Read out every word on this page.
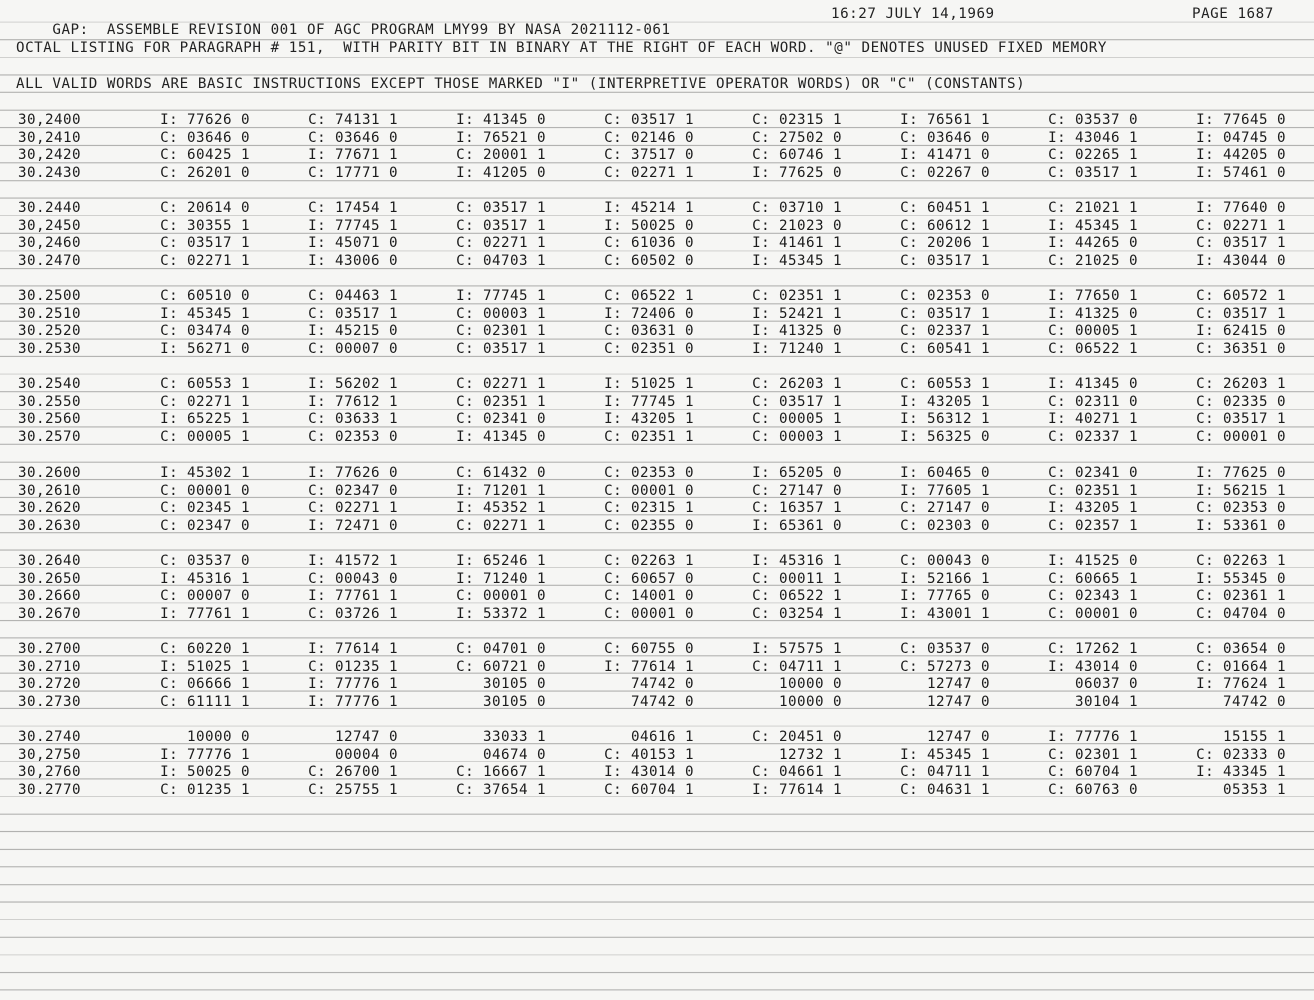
GAP:  ASSEMBLE REVISION 001 OF AGC PROGRAM LMY99 BY NASA 2021112-061

16:27 JULY 14,1969

	PAGE 1687

OCTAL LISTING FOR PARAGRAPH # 151,  WITH PARITY BIT IN BINARY AT THE RIGHT OF EACH WORD. "@" DENOTES UNUSED FIXED MEMORY
ALL VALID WORDS ARE BASIC INSTRUCTIONS EXCEPT THOSE MARKED "I" (INTERPRETIVE OPERATOR WORDS) OR "C" (CONSTANTS)
30,2400	I: 77626 0	C: 74131 1	I: 41345 0	C: 03517 1	C: 02315 1	I: 76561 1	C: 03537 0	I: 77645 0
30,2410	C: 03646 0	C: 03646 0	I: 76521 0	C: 02146 0	C: 27502 0	C: 03646 0	I: 43046 1	I: 04745 0
30,2420	C: 60425 1	I: 77671 1	C: 20001 1	C: 37517 0	C: 60746 1	I: 41471 0	C: 02265 1	I: 44205 0
30.2430	C: 26201 0	C: 17771 0	I: 41205 0	C: 02271 1	I: 77625 0	C: 02267 0	C: 03517 1	I: 57461 0
30.2440	C: 20614 0	C: 17454 1	C: 03517 1	I: 45214 1	C: 03710 1	C: 60451 1	C: 21021 1	I: 77640 0
30,2450	C: 30355 1	I: 77745 1	C: 03517 1	I: 50025 0	C: 21023 0	C: 60612 1	I: 45345 1	C: 02271 1
30,2460	C: 03517 1	I: 45071 0	C: 02271 1	C: 61036 0	I: 41461 1	C: 20206 1	I: 44265 0	C: 03517 1
30.2470	C: 02271 1	I: 43006 0	C: 04703 1	C: 60502 0	I: 45345 1	C: 03517 1	C: 21025 0	I: 43044 0
30.2500	C: 60510 0	C: 04463 1	I: 77745 1	C: 06522 1	C: 02351 1	C: 02353 0	I: 77650 1	C: 60572 1
30.2510	I: 45345 1	C: 03517 1	C: 00003 1	I: 72406 0	I: 52421 1	C: 03517 1	I: 41325 0	C: 03517 1
30.2520	C: 03474 0	I: 45215 0	C: 02301 1	C: 03631 0	I: 41325 0	C: 02337 1	C: 00005 1	I: 62415 0
30.2530	I: 56271 0	C: 00007 0	C: 03517 1	C: 02351 0	I: 71240 1	C: 60541 1	C: 06522 1	C: 36351 0
30.2540	C: 60553 1	I: 56202 1	C: 02271 1	I: 51025 1	C: 26203 1	C: 60553 1	I: 41345 0	C: 26203 1
30.2550	C: 02271 1	I: 77612 1	C: 02351 1	I: 77745 1	C: 03517 1	I: 43205 1	C: 02311 0	C: 02335 0
30.2560	I: 65225 1	C: 03633 1	C: 02341 0	I: 43205 1	C: 00005 1	I: 56312 1	I: 40271 1	C: 03517 1
30.2570	C: 00005 1	C: 02353 0	I: 41345 0	C: 02351 1	C: 00003 1	I: 56325 0	C: 02337 1	C: 00001 0
30.2600	I: 45302 1	I: 77626 0	C: 61432 0	C: 02353 0	I: 65205 0	I: 60465 0	C: 02341 0	I: 77625 0
30,2610	C: 00001 0	C: 02347 0	I: 71201 1	C: 00001 0	C: 27147 0	I: 77605 1	C: 02351 1	I: 56215 1
30.2620	C: 02345 1	C: 02271 1	I: 45352 1	C: 02315 1	C: 16357 1	C: 27147 0	I: 43205 1	C: 02353 0
30.2630	C: 02347 0	I: 72471 0	C: 02271 1	C: 02355 0	I: 65361 0	C: 02303 0	C: 02357 1	I: 53361 0
30.2640	C: 03537 0	I: 41572 1	I: 65246 1	C: 02263 1	I: 45316 1	C: 00043 0	I: 41525 0	C: 02263 1
30.2650	I: 45316 1	C: 00043 0	I: 71240 1	C: 60657 0	C: 00011 1	I: 52166 1	C: 60665 1	I: 55345 0
30.2660	C: 00007 0	I: 77761 1	C: 00001 0	C: 14001 0	C: 06522 1	I: 77765 0	C: 02343 1	C: 02361 1
30.2670	I: 77761 1	C: 03726 1	I: 53372 1	C: 00001 0	C: 03254 1	I: 43001 1	C: 00001 0	C: 04704 0
30.2700	C: 60220 1	I: 77614 1	C: 04701 0	C: 60755 0	I: 57575 1	C: 03537 0	C: 17262 1	C: 03654 0
30.2710	I: 51025 1	C: 01235 1	C: 60721 0	I: 77614 1	C: 04711 1	C: 57273 0	I: 43014 0	C: 01664 1
30.2720	C: 06666 1	I: 77776 1	30105 0	74742 0	10000 0	12747 0	06037 0	I: 77624 1
30.2730	C: 61111 1	I: 77776 1	30105 0	74742 0	10000 0	12747 0	30104 1	74742 0
30.2740	10000 0	12747 0	33033 1	04616 1	C: 20451 0	12747 0	I: 77776 1	15155 1
30,2750	I: 77776 1	00004 0	04674 0	C: 40153 1	12732 1	I: 45345 1	C: 02301 1	C: 02333 0
30,2760	I: 50025 0	C: 26700 1	C: 16667 1	I: 43014 0	C: 04661 1	C: 04711 1	C: 60704 1	I: 43345 1
30.2770	C: 01235 1	C: 25755 1	C: 37654 1	C: 60704 1	I: 77614 1	C: 04631 1	C: 60763 0	05353 1
